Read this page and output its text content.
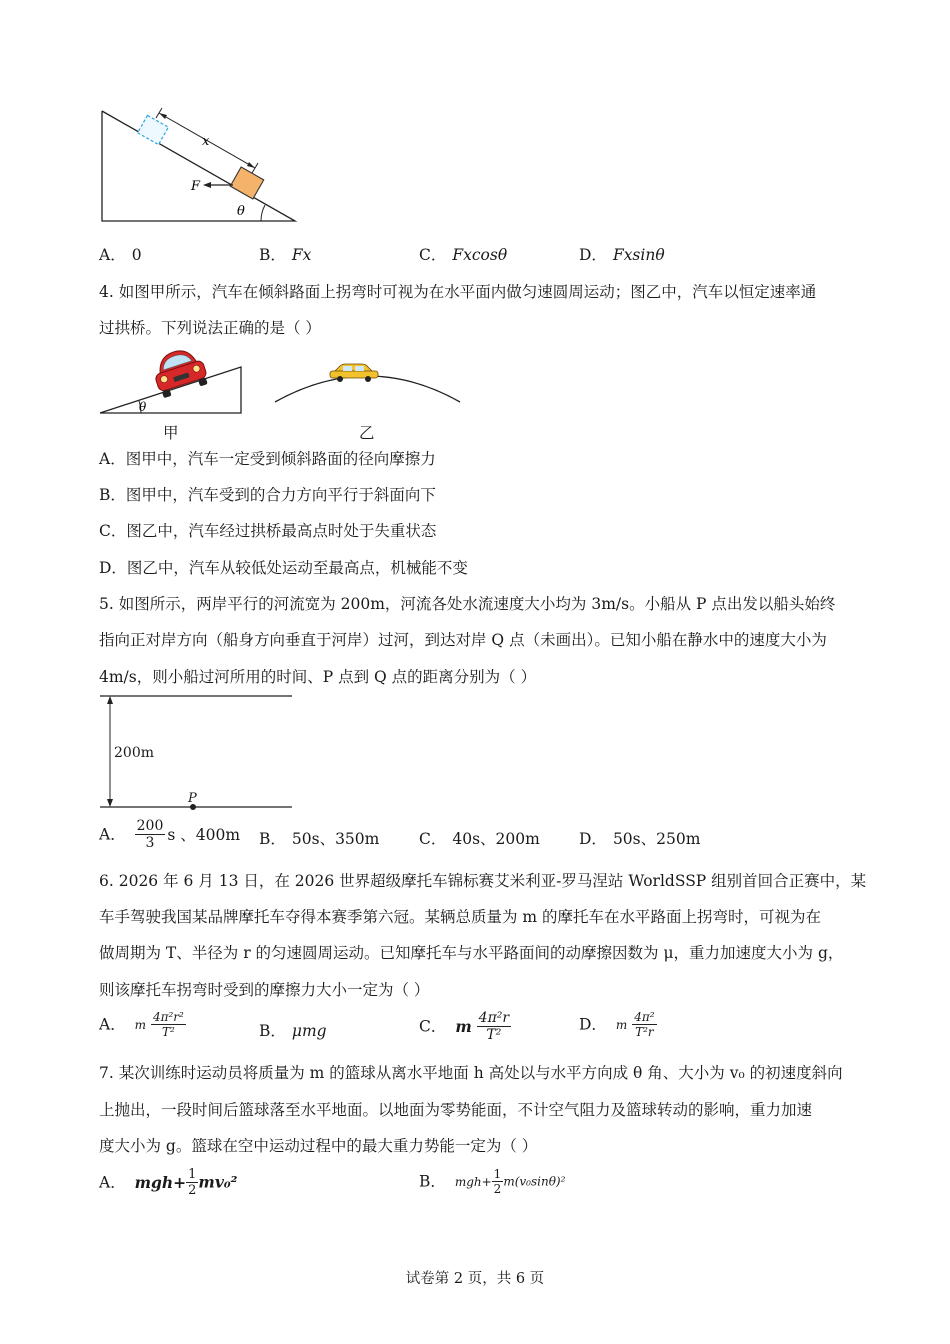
x
F
θ
A． 0	B． Fx	C． Fxcosθ	D． Fxsinθ
4. 如图甲所示，汽车在倾斜路面上拐弯时可视为在水平面内做匀速圆周运动；图乙中，汽车以恒定速率通
过拱桥。下列说法正确的是（ ）
θ
甲	乙
A．图甲中，汽车一定受到倾斜路面的径向摩擦力
B．图甲中，汽车受到的合力方向平行于斜面向下
C．图乙中，汽车经过拱桥最高点时处于失重状态
D．图乙中，汽车从较低处运动至最高点，机械能不变
5. 如图所示，两岸平行的河流宽为 200m，河流各处水流速度大小均为 3m/s。小船从 P 点出发以船头始终
指向正对岸方向（船身方向垂直于河岸）过河，到达对岸 Q 点（未画出）。已知小船在静水中的速度大小为
4m/s，则小船过河所用的时间、P 点到 Q 点的距离分别为（ ）
200m
P
A． $\frac{200}{3}$ s 、400m B． 50s、350m	C． 40s、200m	D． 50s、250m
6. 2026 年 6 月 13 日，在 2026 世界超级摩托车锦标赛艾米利亚-罗马涅站 WorldSSP 组别首回合正赛中，某
车手驾驶我国某品牌摩托车夺得本赛季第六冠。某辆总质量为 m 的摩托车在水平路面上拐弯时，可视为在
做周期为 T、半径为 r 的匀速圆周运动。已知摩托车与水平路面间的动摩擦因数为 μ，重力加速度大小为 g，
则该摩托车拐弯时受到的摩擦力大小一定为（ ）
A． m $\frac{\text{4π²r²}}{\text{T²}}$	B． μmg	C． m $\frac{\text{4π²r}}{\text{T²}}$	D． m $\frac{\text{4π²}}{\text{T²r}}$
7. 某次训练时运动员将质量为 m 的篮球从离水平地面 h 高处以与水平方向成 θ 角、大小为 v₀ 的初速度斜向
上抛出，一段时间后篮球落至水平地面。以地面为零势能面，不计空气阻力及篮球转动的影响，重力加速
度大小为 g。篮球在空中运动过程中的最大重力势能一定为（ ）
A． $mgh+ \frac{1}{2} mv_0^2$	B． $mgh+ \frac{1}{2} m(v_0\sin\theta)^2$
试卷第 2 页，共 6 页
